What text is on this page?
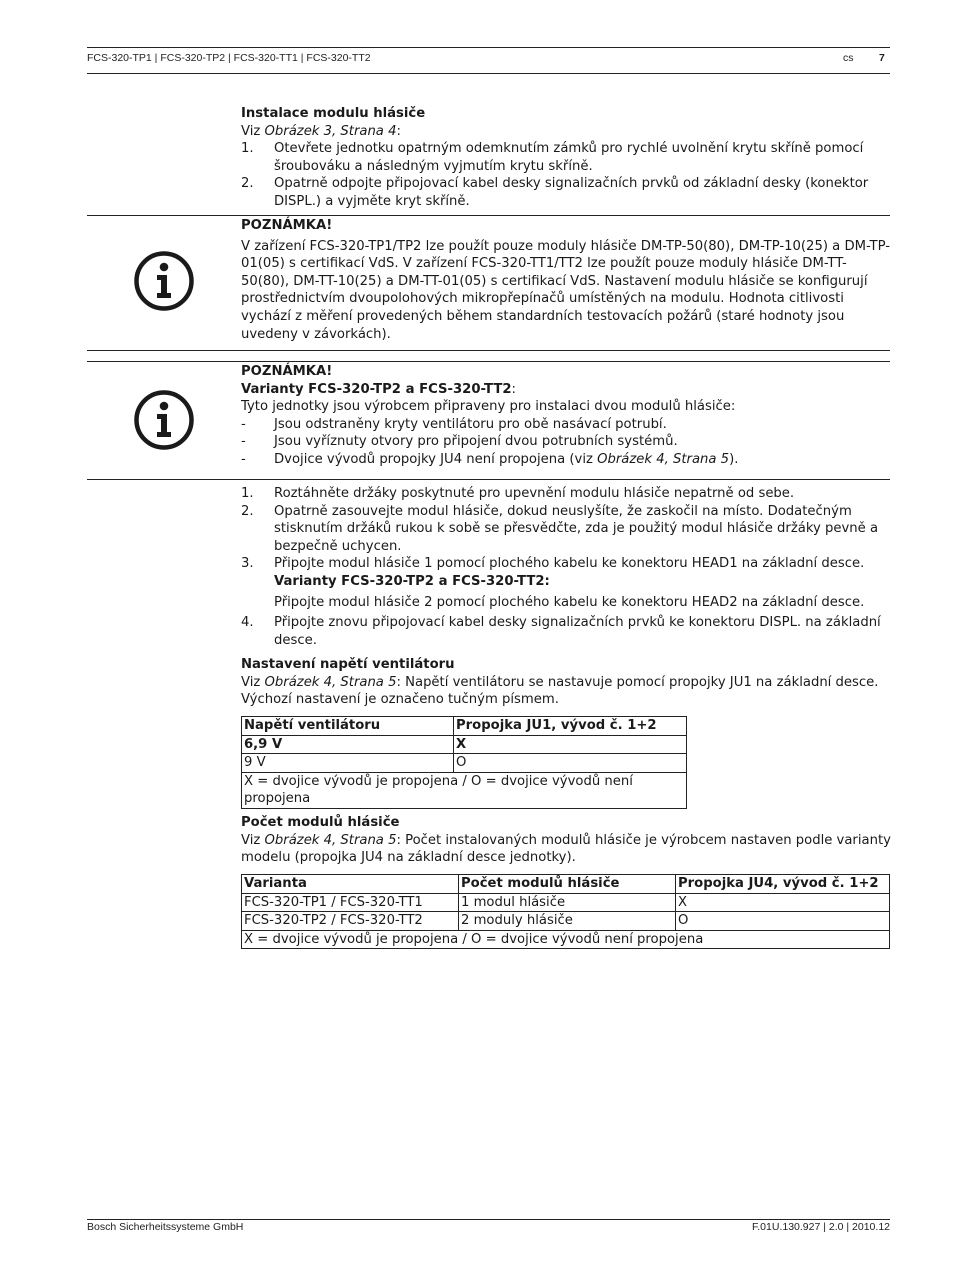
FCS-320-TP1 | FCS-320-TP2 | FCS-320-TT1 | FCS-320-TT2	cs 7
Instalace modulu hlásiče
Viz Obrázek 3, Strana 4:
1.	Otevřete jednotku opatrným odemknutím zámků pro rychlé uvolnění krytu skříně pomocí šroubováku a následným vyjmutím krytu skříně.
2.	Opatrně odpojte připojovací kabel desky signalizačních prvků od základní desky (konektor DISPL.) a vyjměte kryt skříně.
POZNÁMKA!
V zařízení FCS-320-TP1/TP2 lze použít pouze moduly hlásiče DM-TP-50(80), DM-TP-10(25) a DM-TP-01(05) s certifikací VdS. V zařízení FCS-320-TT1/TT2 lze použít pouze moduly hlásiče DM-TT-50(80), DM-TT-10(25) a DM-TT-01(05) s certifikací VdS. Nastavení modulu hlásiče se konfigurují prostřednictvím dvoupolohových mikropřepínačů umístěných na modulu. Hodnota citlivosti vychází z měření provedených během standardních testovacích požárů (staré hodnoty jsou uvedeny v závorkách).
POZNÁMKA!
Varianty FCS-320-TP2 a FCS-320-TT2:
Tyto jednotky jsou výrobcem připraveny pro instalaci dvou modulů hlásiče:
-	Jsou odstraněny kryty ventilátoru pro obě nasávací potrubí.
-	Jsou vyříznuty otvory pro připojení dvou potrubních systémů.
-	Dvojice vývodů propojky JU4 není propojena (viz Obrázek 4, Strana 5).
1.	Roztáhněte držáky poskytnuté pro upevnění modulu hlásiče nepatrně od sebe.
2.	Opatrně zasouvejte modul hlásiče, dokud neuslyšíte, že zaskočil na místo. Dodatečným stisknutím držáků rukou k sobě se přesvědčte, zda je použitý modul hlásiče držáky pevně a bezpečně uchycen.
3.	Připojte modul hlásiče 1 pomocí plochého kabelu ke konektoru HEAD1 na základní desce.
Varianty FCS-320-TP2 a FCS-320-TT2:
Připojte modul hlásiče 2 pomocí plochého kabelu ke konektoru HEAD2 na základní desce.
4.	Připojte znovu připojovací kabel desky signalizačních prvků ke konektoru DISPL. na základní desce.
Nastavení napětí ventilátoru
Viz Obrázek 4, Strana 5: Napětí ventilátoru se nastavuje pomocí propojky JU1 na základní desce. Výchozí nastavení je označeno tučným písmem.
Napětí ventilátoru	Propojka JU1, vývod č. 1+2
6,9 V	X
9 V	O
X = dvojice vývodů je propojena / O = dvojice vývodů není propojena	
Počet modulů hlásiče
Viz Obrázek 4, Strana 5: Počet instalovaných modulů hlásiče je výrobcem nastaven podle varianty modelu (propojka JU4 na základní desce jednotky).
Varianta	Počet modulů hlásiče	Propojka JU4, vývod č. 1+2
FCS-320-TP1 / FCS-320-TT1	1 modul hlásiče	X
FCS-320-TP2 / FCS-320-TT2	2 moduly hlásiče	O
X = dvojice vývodů je propojena / O = dvojice vývodů není propojena		
Bosch Sicherheitssysteme GmbH	F.01U.130.927 | 2.0 | 2010.12
